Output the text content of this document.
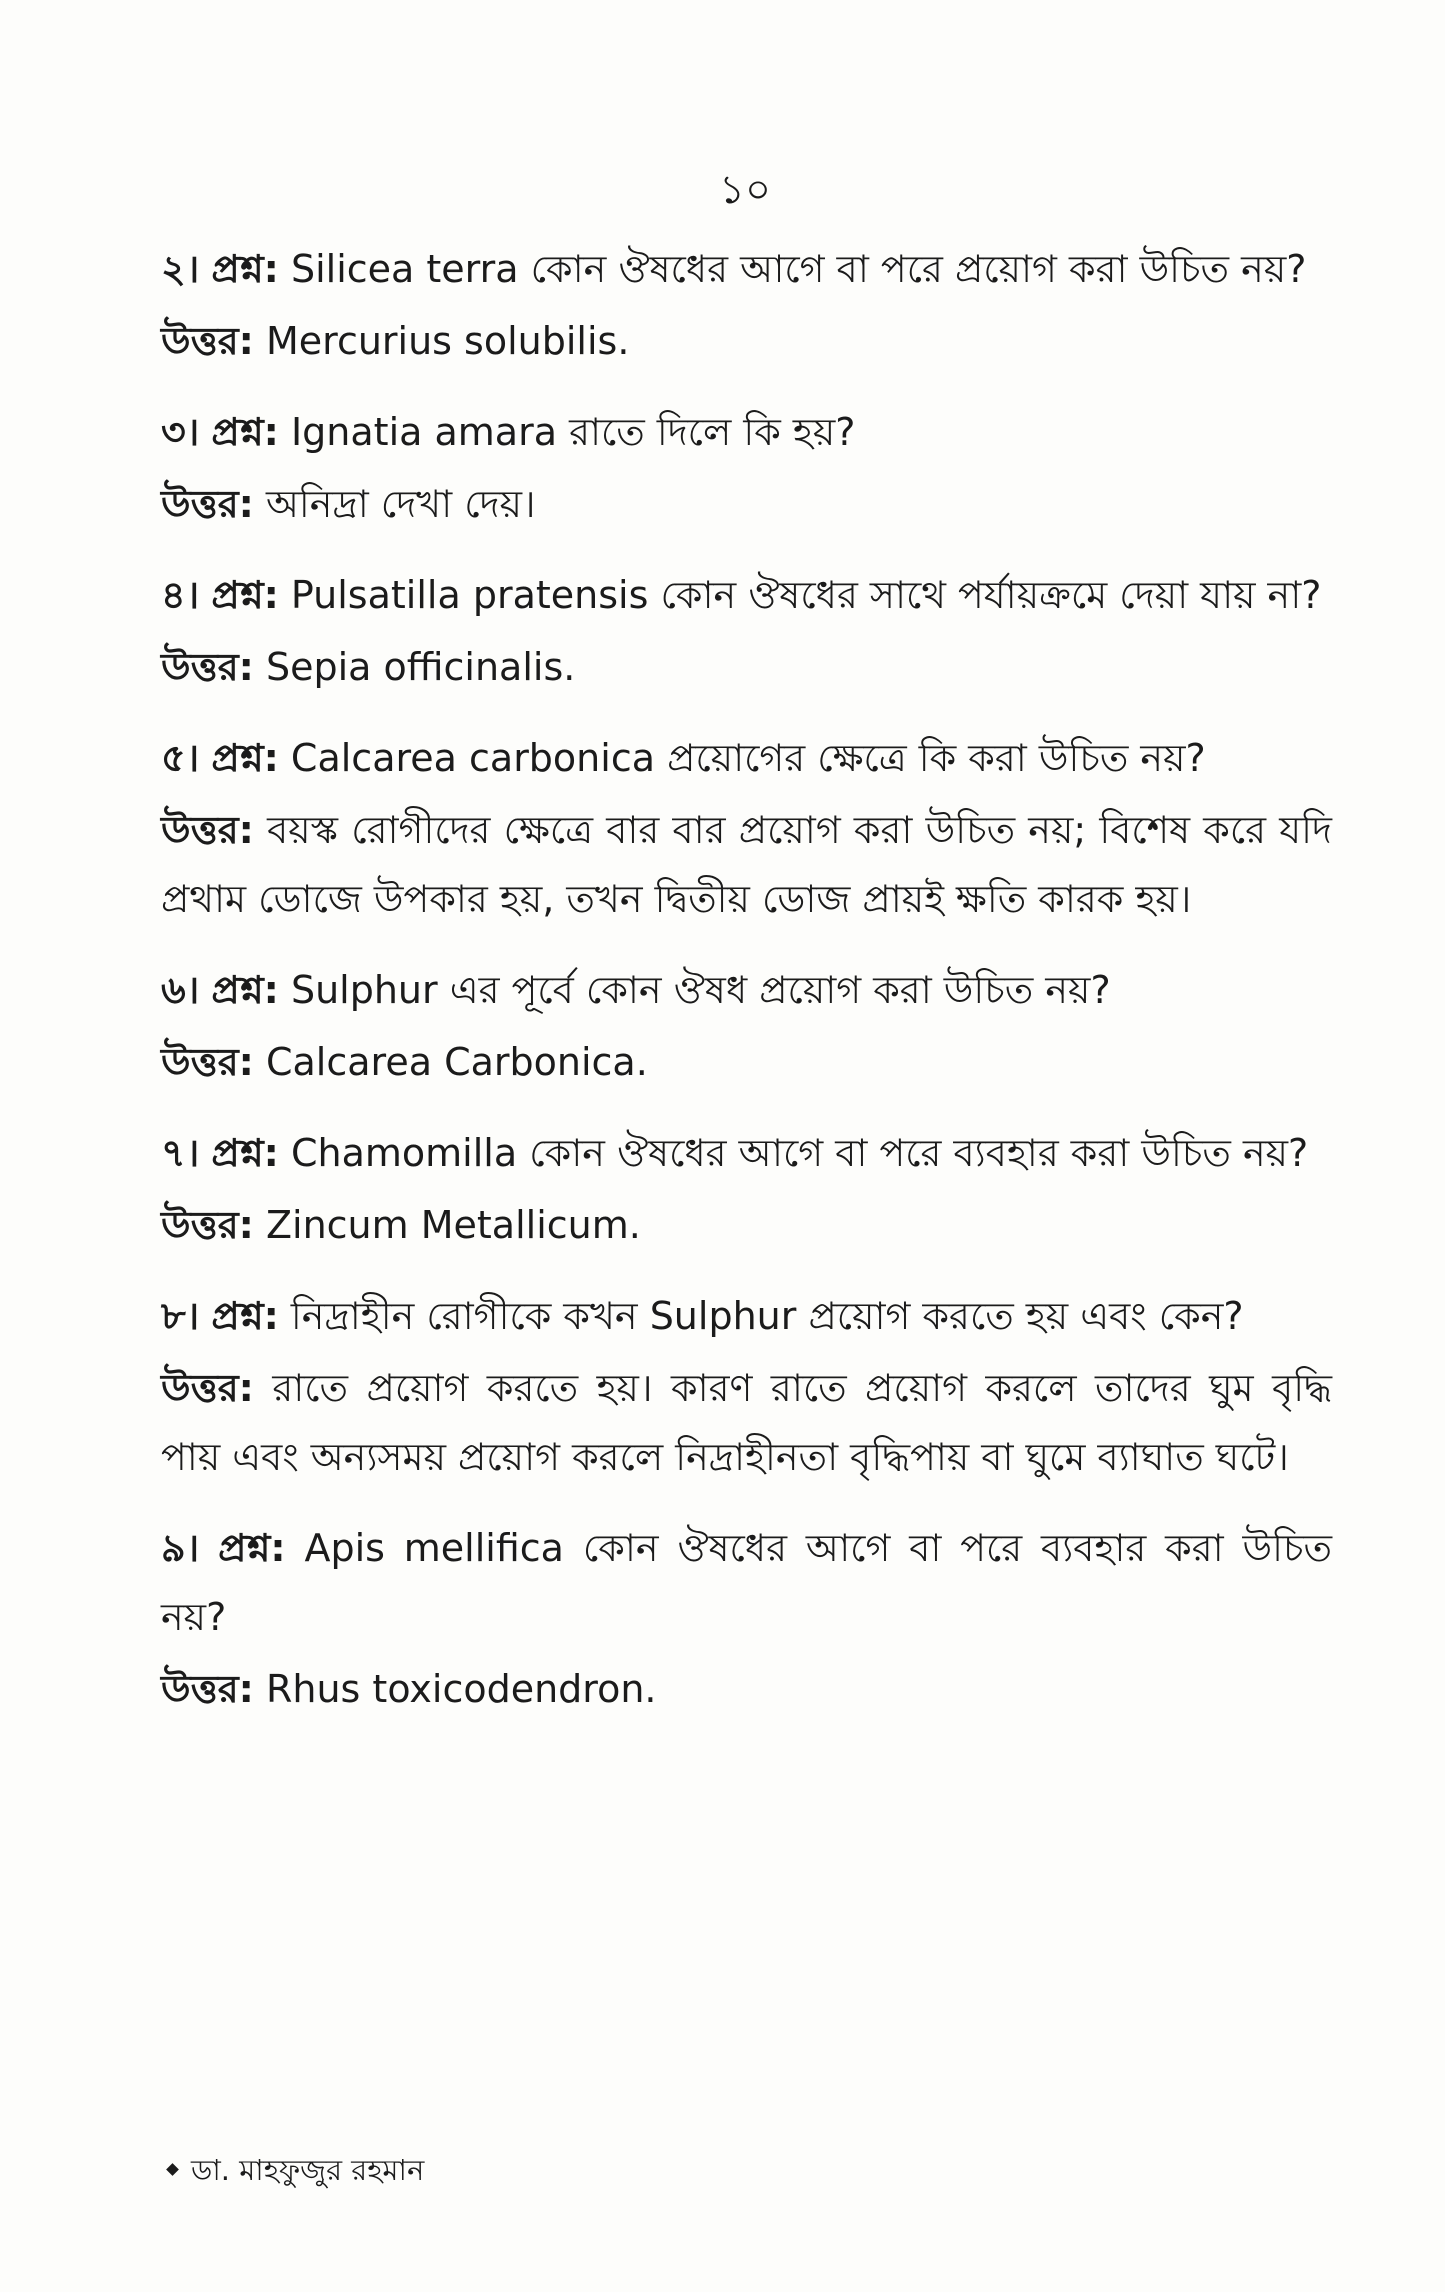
১০

২। প্রশ্ন: Silicea terra কোন ঔষধের আগে বা পরে প্রয়োগ করা উচিত নয়?

উত্তর: Mercurius solubilis.

৩। প্রশ্ন: Ignatia amara রাতে দিলে কি হয়?

উত্তর: অনিদ্রা দেখা দেয়।

৪। প্রশ্ন: Pulsatilla pratensis কোন ঔষধের সাথে পর্যায়ক্রমে দেয়া যায় না?

উত্তর: Sepia officinalis.

৫। প্রশ্ন: Calcarea carbonica প্রয়োগের ক্ষেত্রে কি করা উচিত নয়?

উত্তর: বয়স্ক রোগীদের ক্ষেত্রে বার বার প্রয়োগ করা উচিত নয়; বিশেষ করে যদি প্রথাম ডোজে উপকার হয়, তখন দ্বিতীয় ডোজ প্রায়ই ক্ষতি কারক হয়।

৬। প্রশ্ন: Sulphur এর পূর্বে কোন ঔষধ প্রয়োগ করা উচিত নয়?

উত্তর: Calcarea Carbonica.

৭। প্রশ্ন: Chamomilla কোন ঔষধের আগে বা পরে ব্যবহার করা উচিত নয়?

উত্তর: Zincum Metallicum.

৮। প্রশ্ন: নিদ্রাহীন রোগীকে কখন Sulphur প্রয়োগ করতে হয় এবং কেন?

উত্তর: রাতে প্রয়োগ করতে হয়। কারণ রাতে প্রয়োগ করলে তাদের ঘুম বৃদ্ধি পায় এবং অন্যসময় প্রয়োগ করলে নিদ্রাহীনতা বৃদ্ধিপায় বা ঘুমে ব্যাঘাত ঘটে।

৯। প্রশ্ন: Apis mellifica কোন ঔষধের আগে বা পরে ব্যবহার করা উচিত নয়?

উত্তর: Rhus toxicodendron.

ডা. মাহফুজুর রহমান
